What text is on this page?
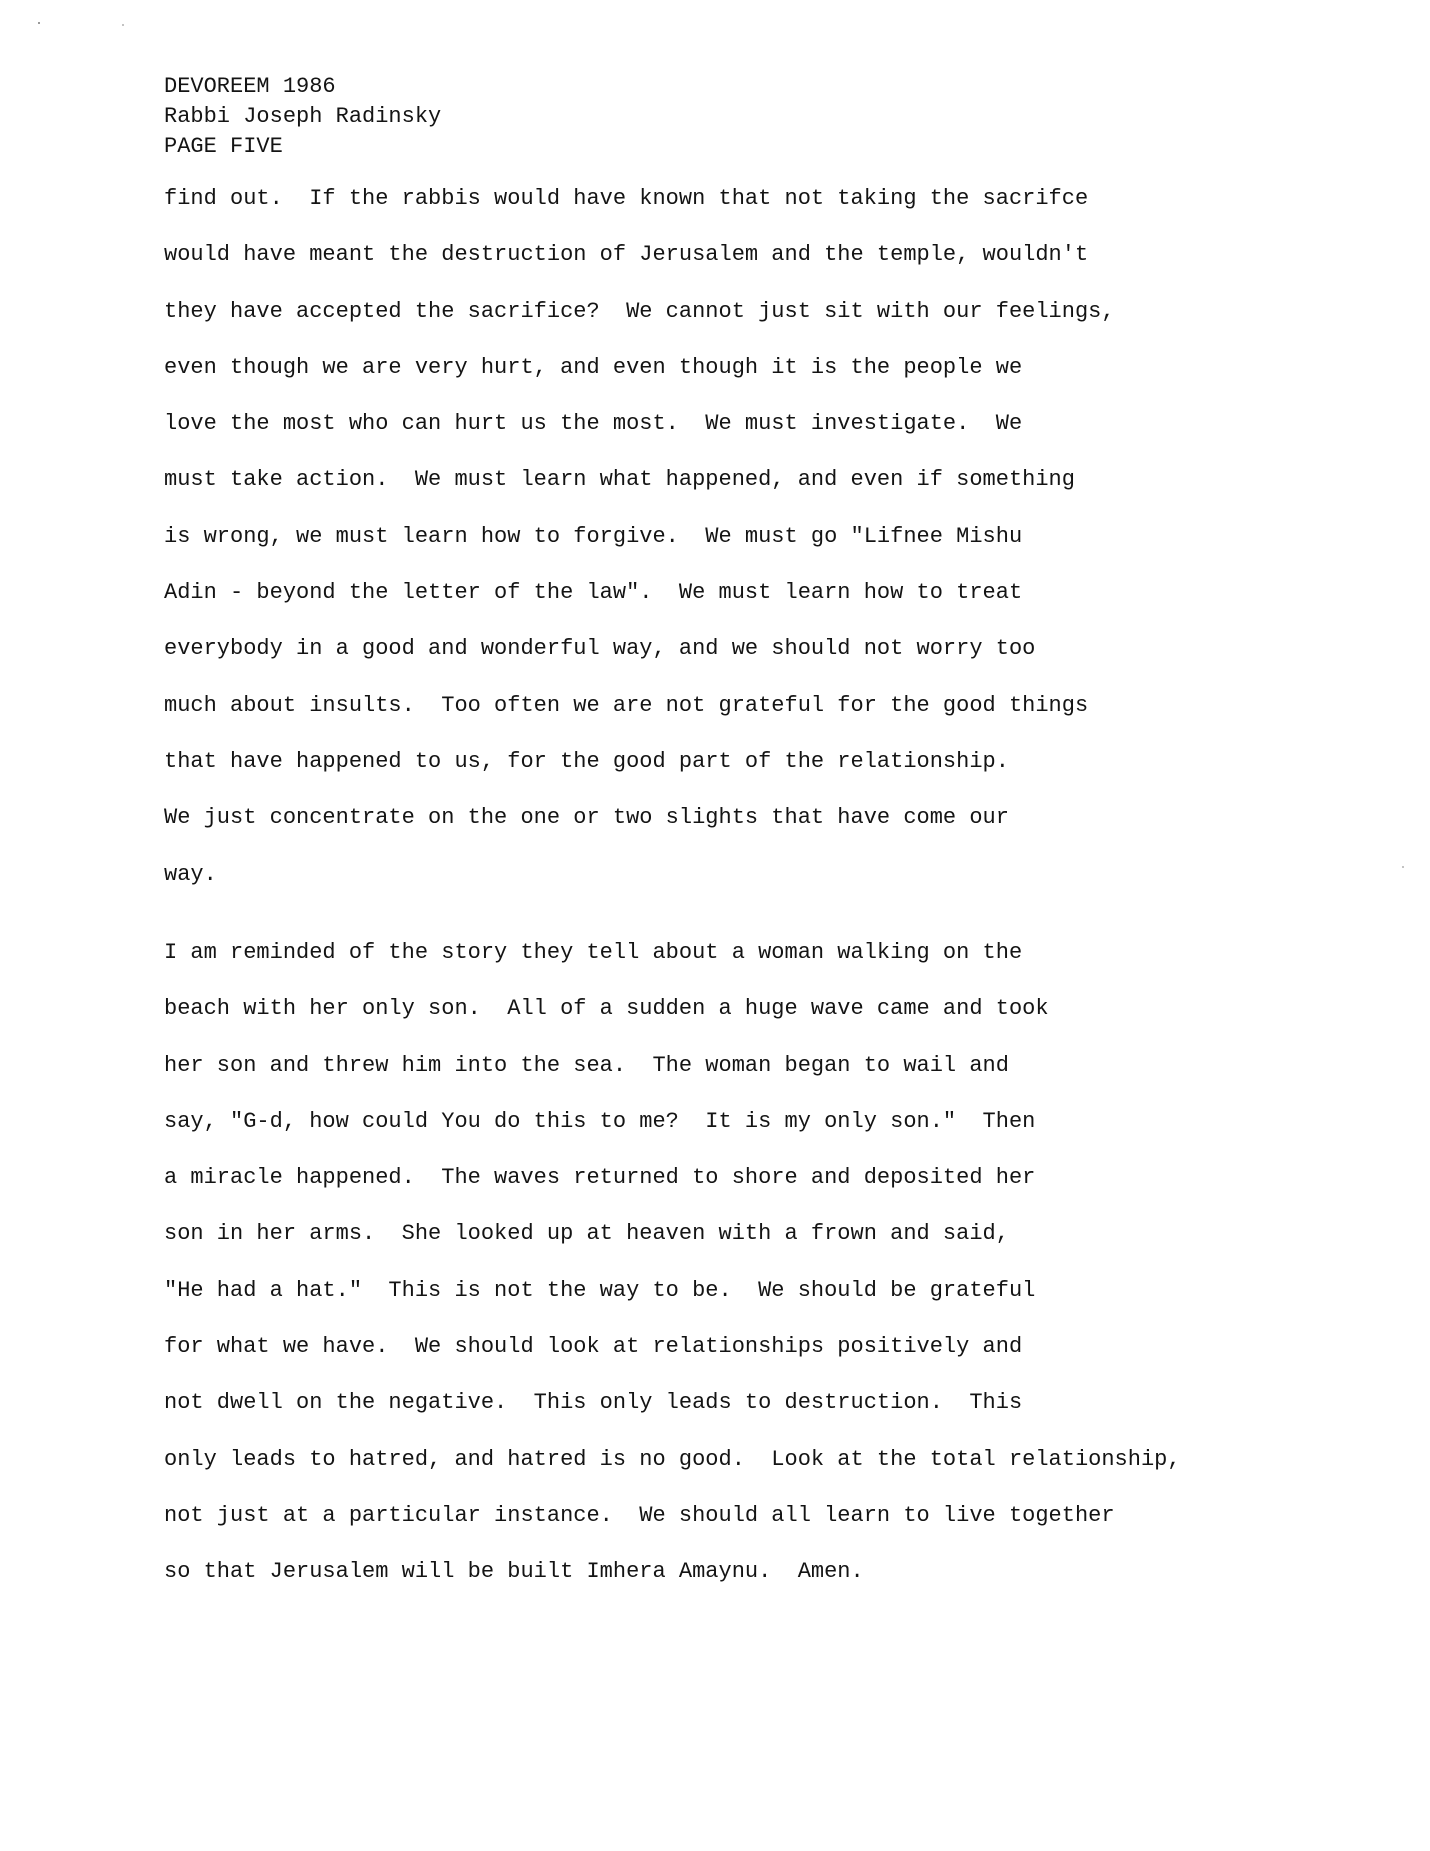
DEVOREEM 1986
Rabbi Joseph Radinsky
PAGE FIVE
find out.  If the rabbis would have known that not taking the sacrifce
would have meant the destruction of Jerusalem and the temple, wouldn't
they have accepted the sacrifice?  We cannot just sit with our feelings,
even though we are very hurt, and even though it is the people we
love the most who can hurt us the most.  We must investigate.  We
must take action.  We must learn what happened, and even if something
is wrong, we must learn how to forgive.  We must go "Lifnee Mishu
Adin - beyond the letter of the law".  We must learn how to treat
everybody in a good and wonderful way, and we should not worry too
much about insults.  Too often we are not grateful for the good things
that have happened to us, for the good part of the relationship.
We just concentrate on the one or two slights that have come our
way.
I am reminded of the story they tell about a woman walking on the
beach with her only son.  All of a sudden a huge wave came and took
her son and threw him into the sea.  The woman began to wail and
say, "G-d, how could You do this to me?  It is my only son."  Then
a miracle happened.  The waves returned to shore and deposited her
son in her arms.  She looked up at heaven with a frown and said,
"He had a hat."  This is not the way to be.  We should be grateful
for what we have.  We should look at relationships positively and
not dwell on the negative.  This only leads to destruction.  This
only leads to hatred, and hatred is no good.  Look at the total relationship,
not just at a particular instance.  We should all learn to live together
so that Jerusalem will be built Imhera Amaynu.  Amen.
